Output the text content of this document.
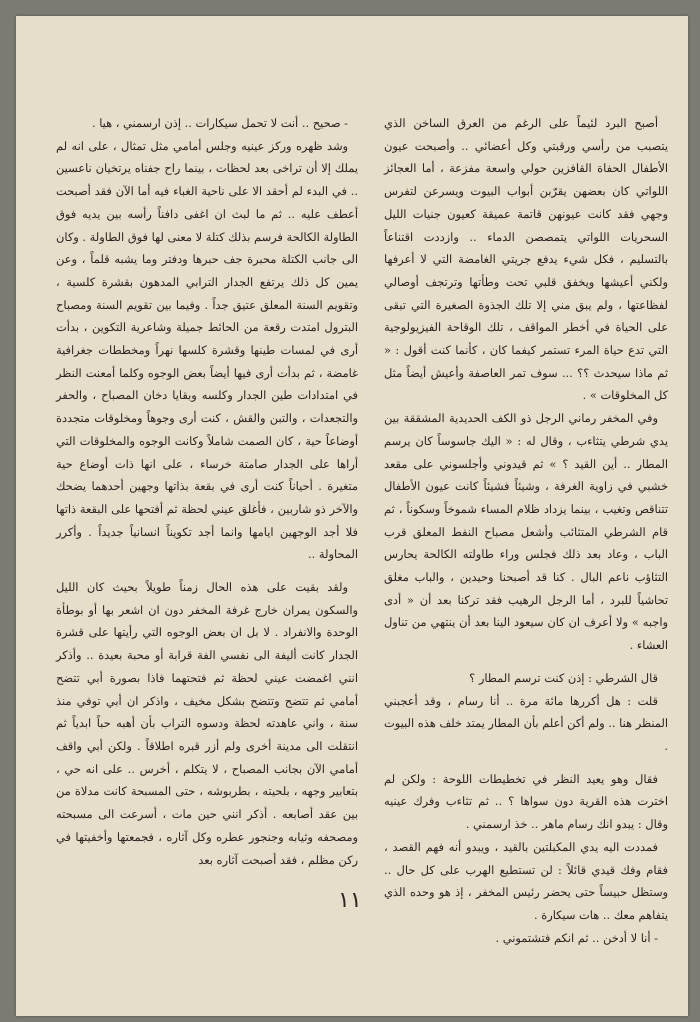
أصبح البرد لئيماً على الرغم من العرق الساخن الذي يتصبب من رأسي ورقبتي وكل أعضائي .. وأصبحت عيون الأطفال الحفاة القافزين حولي واسعة مفزعة ، أما العجائز اللواتي كان بعضهن يقرّبن أبواب البيوت ويسرعن لتفرس وجهي فقد كانت عيونهن قاتمة عميقة كعيون جنيات الليل السحريات اللواتي يتمصصن الدماء .. وازددت اقتناعاً بالتسليم ، فكل شيء يدفع جريتي الغامضة التي لا أعرفها ولكني أعيشها ويخفق قلبي تحت وطأتها وترتجف أوصالي لفظاعتها ، ولم يبق مني إلا تلك الجذوة الصغيرة التي تبقى على الحياة في أخطر المواقف ، تلك الوقاحة الفيزيولوجية التي تدع حياة المرء تستمر كيفما كان ، كأنما كنت أقول : « ثم ماذا سيحدث ؟؟ ... سوف تمر العاصفة وأعيش أيضاً مثل كل المخلوقات » .

وفي المخفر رماني الرجل ذو الكف الحديدية المشققة بين يدي شرطي يتثاءب ، وقال له : « اليك جاسوساً كان يرسم المطار .. أين القيد ؟ » ثم قيدوني وأجلسوني على مقعد خشبي في زاوية الغرفة ، وشيئاً فشيئاً كانت عيون الأطفال تتناقص وتغيب ، بينما يزداد ظلام المساء شموخاً وسكوناً ، ثم قام الشرطي المتثائب وأشعل مصباح النفط المعلق قرب الباب ، وعاد بعد ذلك فجلس وراء طاولته الكالحة يحارس التثاؤب ناعم البال . كنا قد أصبحنا وحيدين ، والباب مغلق تحاشياً للبرد ، أما الرجل الرهيب فقد تركنا بعد أن « أدى واجبه » ولا أعرف ان كان سيعود الينا بعد أن ينتهي من تناول العشاء .

قال الشرطي : إذن كنت ترسم المطار ؟

قلت : هل أكررها مائة مرة .. أنا رسام ، وقد أعجبني المنظر هنا .. ولم أكن أعلم بأن المطار يمتد خلف هذه البيوت .

فقال وهو يعيد النظر في تخطيطات اللوحة : ولكن لم اخترت هذه القرية دون سواها ؟ .. ثم تثاءب وفرك عينيه وقال : يبدو انك رسام ماهر .. خذ ارسمني .

فمددت اليه يدي المكبلتين بالقيد ، ويبدو أنه فهم القصد ، فقام وفك قيدي قائلاً : لن تستطيع الهرب على كل حال .. وستظل حبيساً حتى يحضر رئيس المخفر ، إذ هو وحده الذي يتفاهم معك .. هات سيكارة .

- أنا لا أدخن .. ثم انكم فتشتموني .

- صحيح .. أنت لا تحمل سيكارات .. إذن ارسمني ، هيا .

وشد ظهره وركز عينيه وجلس أمامي مثل تمثال ، على انه لم يملك إلا أن تراخى بعد لحظات ، بينما راح جفناه يرتخيان ناعسين .. في البدء لم أحقد الا على ناحية الغباء فيه أما الآن فقد أصبحت أعطف عليه .. ثم ما لبث ان اغفى دافناً رأسه بين يديه فوق الطاولة الكالحة فرسم بذلك كتلة لا معنى لها فوق الطاولة . وكان الى جانب الكتلة محبرة جف حبرها ودفتر وما يشبه قلماً ، وعن يمين كل ذلك يرتفع الجدار الترابي المدهون بقشرة كلسية ، وتقويم السنة المعلق عتيق جداً . وفيما بين تقويم السنة ومصباح البترول امتدت رقعة من الحائط جميلة وشاعرية التكوين ، بدأت أرى في لمسات طينها وقشرة كلسها نهراً ومخططات جغرافية غامضة ، ثم بدأت أرى فيها أيضاً بعض الوجوه وكلما أمعنت النظر في امتدادات طين الجدار وكلسه وبقايا دخان المصباح ، والحفر والتجعدات ، والتبن والقش ، كنت أرى وجوهاً ومخلوقات متجددة أوضاعاً حية ، كان الصمت شاملاً وكانت الوجوه والمخلوقات التي أراها على الجدار صامتة خرساء ، على انها ذات أوضاع حية متغيرة . أحياناً كنت أرى في بقعة بذاتها وجهين أحدهما يضحك والآخر ذو شاربين ، فأغلق عيني لحظة ثم أفتحها على البقعة ذاتها فلا أجد الوجهين ايامها وانما أجد تكويناً انسانياً جديداً . وأكرر المحاولة ..

ولقد بقيت على هذه الحال زمناً طويلاً بحيث كان الليل والسكون يمران خارج غرفة المخفر دون ان اشعر بها أو بوطأة الوحدة والانفراد . لا بل ان بعض الوجوه التي رأيتها على قشرة الجدار كانت أليفة الى نفسي الفة قرابة أو محبة بعيدة .. وأذكر انني اغمضت عيني لحظة ثم فتحتهما فاذا بصورة أبي تتضح أمامي ثم تتضح وتتضح بشكل مخيف ، واذكر ان أبي توفي منذ سنة ، واني عاهدته لحظة ودسوه التراب بأن أهبه حباً ابدياً ثم انتقلت الى مدينة أخرى ولم أزر قبره اطلاقاً . ولكن أبي واقف أمامي الآن بجانب المصباح ، لا يتكلم ، أخرس .. على انه حي ، بتعابير وجهه ، بلحيته ، بطربوشه ، حتى المسبحة كانت مدلاة من بين عقد أصابعه . أذكر انني حين مات ، أسرعت الى مسبحته ومصحفه وثيابه وجنجور عطره وكل آثاره ، فجمعتها وأخفيتها في ركن مظلم ، فقد أصبحت آثاره بعد

١١
